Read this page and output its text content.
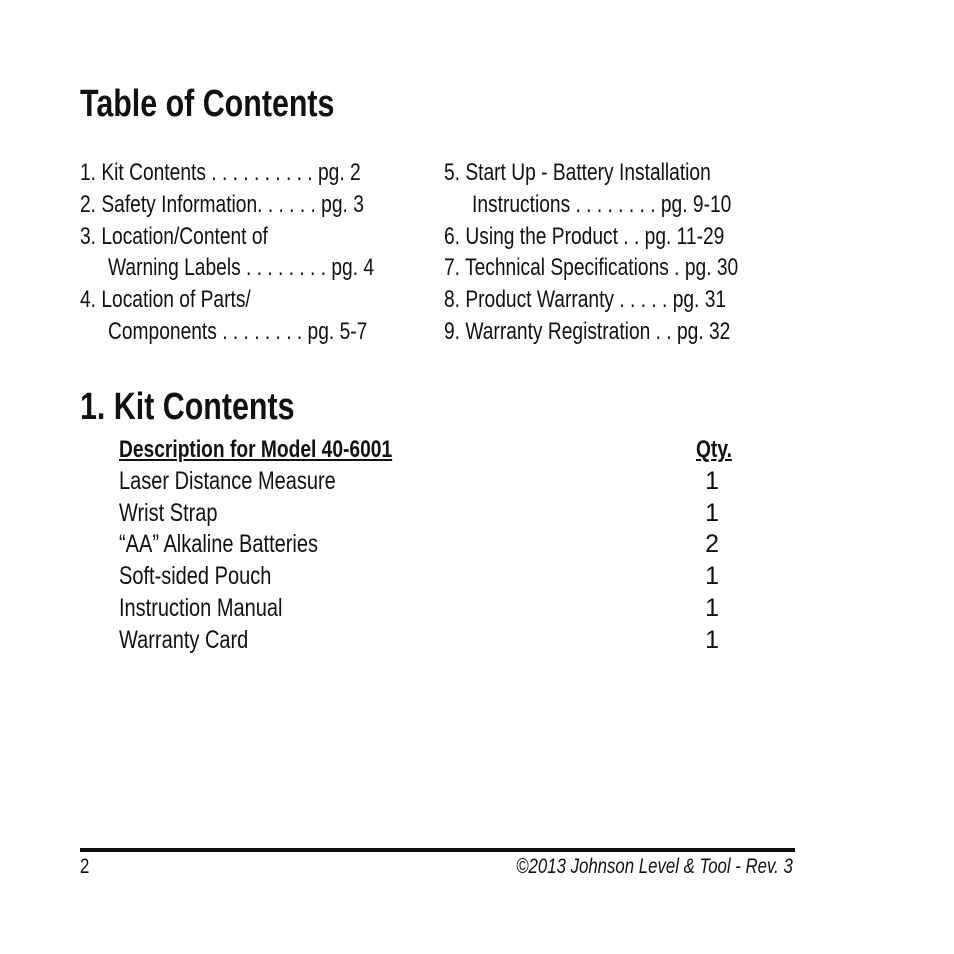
Table of Contents
1. Kit Contents . . . . . . . . . . pg. 2
2. Safety Information. . . . . . pg. 3
3. Location/Content of
Warning Labels . . . . . . . . pg. 4
4. Location of Parts/
Components . . . . . . . . pg. 5-7
5. Start Up - Battery Installation
Instructions . . . . . . . . pg. 9-10
6. Using the Product . . pg. 11-29
7. Technical Specifications . pg. 30
8. Product Warranty . . . . . pg. 31
9. Warranty Registration . . pg. 32
1. Kit Contents
Description for Model 40-6001	Qty.
Laser Distance Measure	1
Wrist Strap	1
“AA” Alkaline Batteries	2
Soft-sided Pouch	1
Instruction Manual	1
Warranty Card	1
2	©2013 Johnson Level & Tool - Rev. 3
